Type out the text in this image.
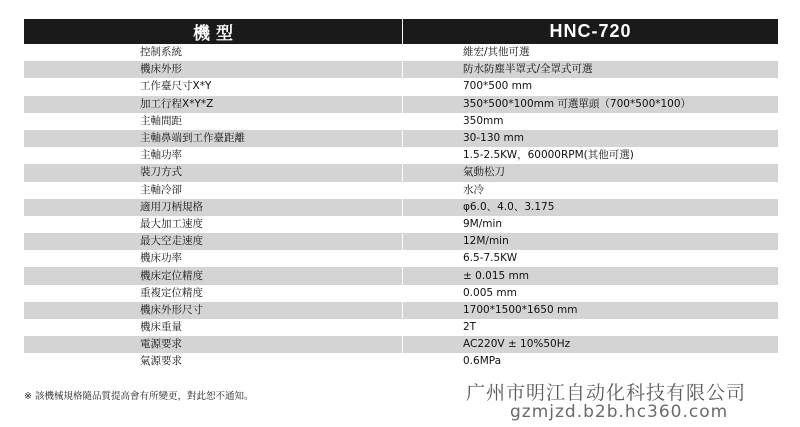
機 型	HNC-720
控制系統	維宏/其他可選
機床外形	防水防塵半罩式/全罩式可選
工作臺尺寸X*Y	700*500 mm
加工行程X*Y*Z	350*500*100mm 可選單頭（700*500*100）
主軸間距	350mm
主軸鼻端到工作臺距離	30-130 mm
主軸功率	1.5-2.5KW，60000RPM(其他可選)
裝刀方式	氣動松刀
主軸冷卻	水冷
適用刀柄規格	φ6.0、4.0、3.175
最大加工速度	9M/min
最大空走速度	12M/min
機床功率	6.5-7.5KW
機床定位精度	± 0.015 mm
重複定位精度	0.005 mm
機床外形尺寸	1700*1500*1650 mm
機床重量	2T
電源要求	AC220V ± 10%50Hz
氣源要求	0.6MPa
※ 該機械規格隨品質提高會有所變更，對此恕不通知。	广州市明江自动化科技有限公司
gzmjzd.b2b.hc360.com
